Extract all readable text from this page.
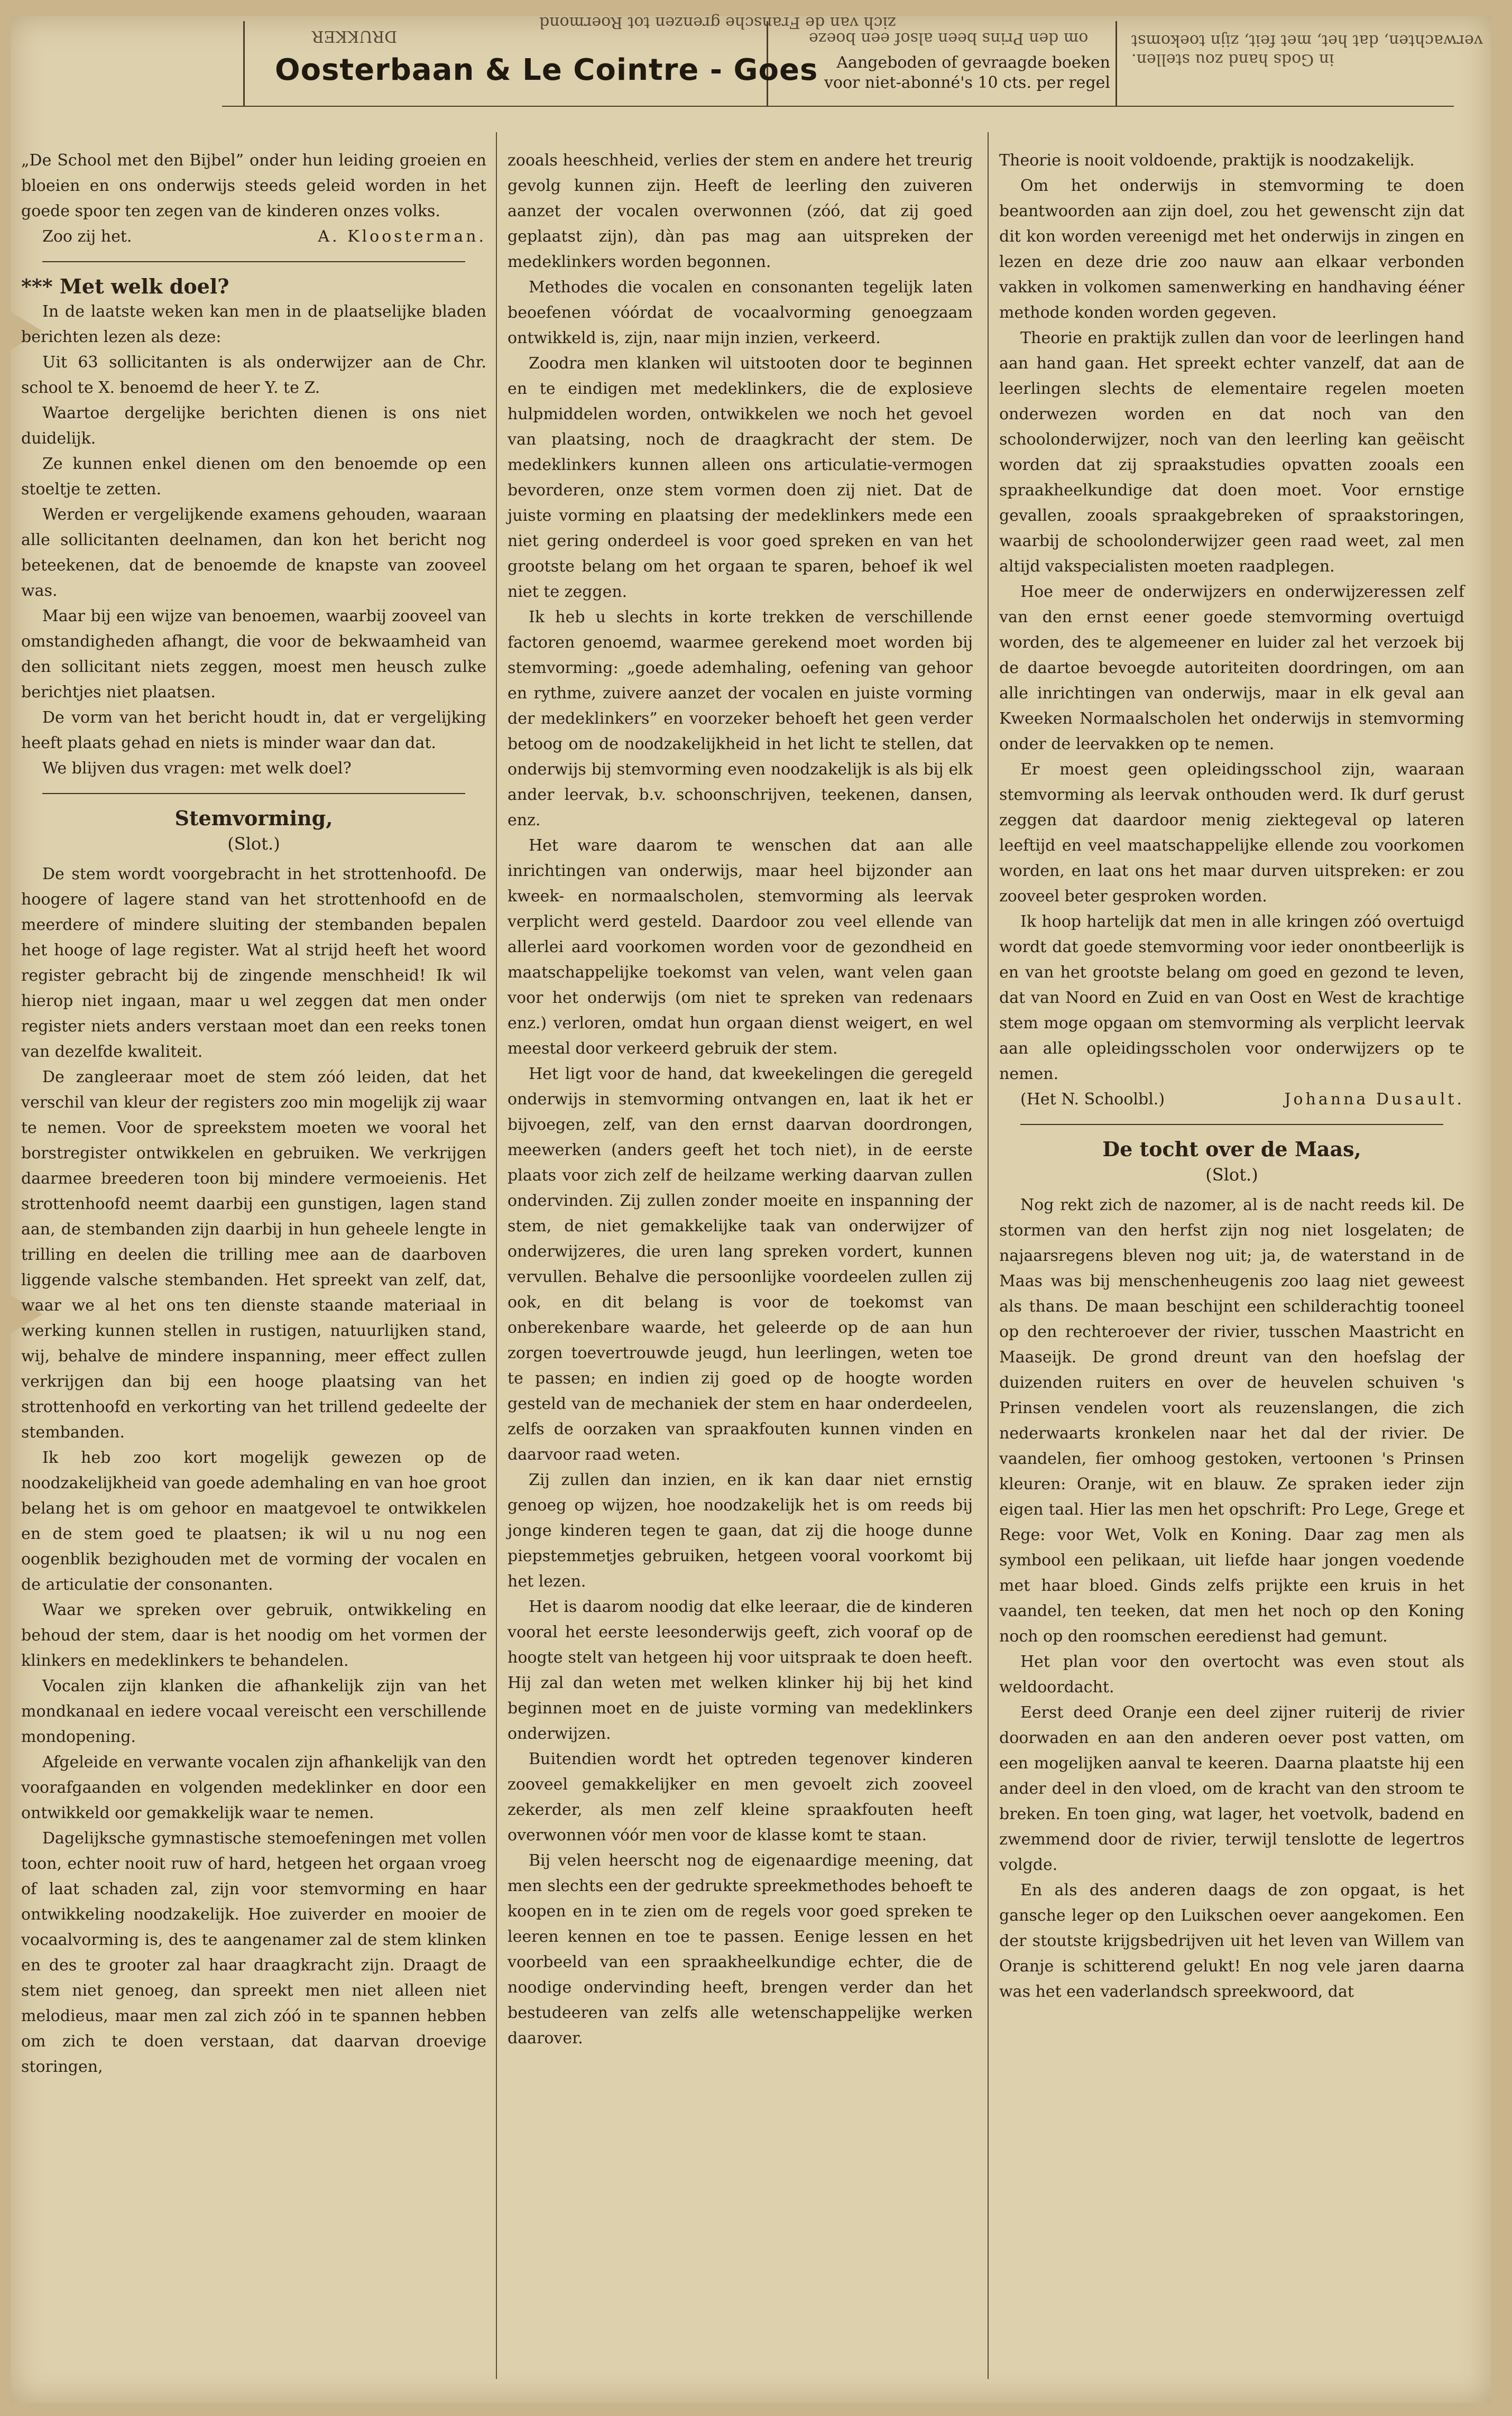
DRUKKER
zich van de Fransche grenzen tot Roermond
om den Prins been alsof een boeze
in Gods hand zou stellen.
verwachten, dat het, met feit, zijn toekomst
Oosterbaan & Le Cointre - Goes	Aangeboden of gevraagde boeken
voor niet-abonné's 10 cts. per regel

„De School met den Bijbel” onder hun leiding groeien en bloeien en ons onderwijs steeds geleid worden in het goede spoor ten zegen van de kinderen onzes volks.

Zoo zij het.	A. Kloosterman.
*** Met welk doel?

In de laatste weken kan men in de plaatselijke bladen berichten lezen als deze:

Uit 63 sollicitanten is als onderwijzer aan de Chr. school te X. benoemd de heer Y. te Z.

Waartoe dergelijke berichten dienen is ons niet duidelijk.

Ze kunnen enkel dienen om den benoemde op een stoeltje te zetten.

Werden er vergelijkende examens gehouden, waaraan alle sollicitanten deelnamen, dan kon het bericht nog beteekenen, dat de benoemde de knapste van zooveel was.

Maar bij een wijze van benoemen, waarbij zooveel van omstandigheden afhangt, die voor de bekwaamheid van den sollicitant niets zeggen, moest men heusch zulke berichtjes niet plaatsen.

De vorm van het bericht houdt in, dat er vergelijking heeft plaats gehad en niets is minder waar dan dat.

We blijven dus vragen: met welk doel?

Stemvorming,
(Slot.)

De stem wordt voorgebracht in het strottenhoofd. De hoogere of lagere stand van het strottenhoofd en de meerdere of mindere sluiting der stembanden bepalen het hooge of lage register. Wat al strijd heeft het woord register gebracht bij de zingende menschheid! Ik wil hierop niet ingaan, maar u wel zeggen dat men onder register niets anders verstaan moet dan een reeks tonen van dezelfde kwaliteit.

De zangleeraar moet de stem zóó leiden, dat het verschil van kleur der registers zoo min mogelijk zij waar te nemen. Voor de spreekstem moeten we vooral het borstregister ontwikkelen en gebruiken. We verkrijgen daarmee breederen toon bij mindere vermoeienis. Het strottenhoofd neemt daarbij een gunstigen, lagen stand aan, de stembanden zijn daarbij in hun geheele lengte in trilling en deelen die trilling mee aan de daarboven liggende valsche stembanden. Het spreekt van zelf, dat, waar we al het ons ten dienste staande materiaal in werking kunnen stellen in rustigen, natuurlijken stand, wij, behalve de mindere inspanning, meer effect zullen verkrijgen dan bij een hooge plaatsing van het strottenhoofd en verkorting van het trillend gedeelte der stembanden.

Ik heb zoo kort mogelijk gewezen op de noodzakelijkheid van goede ademhaling en van hoe groot belang het is om gehoor en maatgevoel te ontwikkelen en de stem goed te plaatsen; ik wil u nu nog een oogenblik bezighouden met de vorming der vocalen en de articulatie der consonanten.

Waar we spreken over gebruik, ontwikkeling en behoud der stem, daar is het noodig om het vormen der klinkers en medeklinkers te behandelen.

Vocalen zijn klanken die afhankelijk zijn van het mondkanaal en iedere vocaal vereischt een verschillende mondopening.

Afgeleide en verwante vocalen zijn afhankelijk van den voorafgaanden en volgenden medeklinker en door een ontwikkeld oor gemakkelijk waar te nemen.

Dagelijksche gymnastische stemoefeningen met vollen toon, echter nooit ruw of hard, hetgeen het orgaan vroeg of laat schaden zal, zijn voor stemvorming en haar ontwikkeling noodzakelijk. Hoe zuiverder en mooier de vocaalvorming is, des te aangenamer zal de stem klinken en des te grooter zal haar draagkracht zijn. Draagt de stem niet genoeg, dan spreekt men niet alleen niet melodieus, maar men zal zich zóó in te spannen hebben om zich te doen verstaan, dat daarvan droevige storingen,

zooals heeschheid, verlies der stem en andere het treurig gevolg kunnen zijn. Heeft de leerling den zuiveren aanzet der vocalen overwonnen (zóó, dat zij goed geplaatst zijn), dàn pas mag aan uitspreken der medeklinkers worden begonnen.

Methodes die vocalen en consonanten tegelijk laten beoefenen vóórdat de vocaalvorming genoegzaam ontwikkeld is, zijn, naar mijn inzien, verkeerd.

Zoodra men klanken wil uitstooten door te beginnen en te eindigen met medeklinkers, die de explosieve hulpmiddelen worden, ontwikkelen we noch het gevoel van plaatsing, noch de draagkracht der stem. De medeklinkers kunnen alleen ons articulatie-vermogen bevorderen, onze stem vormen doen zij niet. Dat de juiste vorming en plaatsing der medeklinkers mede een niet gering onderdeel is voor goed spreken en van het grootste belang om het orgaan te sparen, behoef ik wel niet te zeggen.

Ik heb u slechts in korte trekken de verschillende factoren genoemd, waarmee gerekend moet worden bij stemvorming: „goede ademhaling, oefening van gehoor en rythme, zuivere aanzet der vocalen en juiste vorming der medeklinkers” en voorzeker behoeft het geen verder betoog om de noodzakelijkheid in het licht te stellen, dat onderwijs bij stemvorming even noodzakelijk is als bij elk ander leervak, b.v. schoonschrijven, teekenen, dansen, enz.

Het ware daarom te wenschen dat aan alle inrichtingen van onderwijs, maar heel bijzonder aan kweek- en normaalscholen, stemvorming als leervak verplicht werd gesteld. Daardoor zou veel ellende van allerlei aard voorkomen worden voor de gezondheid en maatschappelijke toekomst van velen, want velen gaan voor het onderwijs (om niet te spreken van redenaars enz.) verloren, omdat hun orgaan dienst weigert, en wel meestal door verkeerd gebruik der stem.

Het ligt voor de hand, dat kweekelingen die geregeld onderwijs in stemvorming ontvangen en, laat ik het er bijvoegen, zelf, van den ernst daarvan doordrongen, meewerken (anders geeft het toch niet), in de eerste plaats voor zich zelf de heilzame werking daarvan zullen ondervinden. Zij zullen zonder moeite en inspanning der stem, de niet gemakkelijke taak van onderwijzer of onderwijzeres, die uren lang spreken vordert, kunnen vervullen. Behalve die persoonlijke voordeelen zullen zij ook, en dit belang is voor de toekomst van onberekenbare waarde, het geleerde op de aan hun zorgen toevertrouwde jeugd, hun leerlingen, weten toe te passen; en indien zij goed op de hoogte worden gesteld van de mechaniek der stem en haar onderdeelen, zelfs de oorzaken van spraakfouten kunnen vinden en daarvoor raad weten.

Zij zullen dan inzien, en ik kan daar niet ernstig genoeg op wijzen, hoe noodzakelijk het is om reeds bij jonge kinderen tegen te gaan, dat zij die hooge dunne piepstemmetjes gebruiken, hetgeen vooral voorkomt bij het lezen.

Het is daarom noodig dat elke leeraar, die de kinderen vooral het eerste leesonderwijs geeft, zich vooraf op de hoogte stelt van hetgeen hij voor uitspraak te doen heeft. Hij zal dan weten met welken klinker hij bij het kind beginnen moet en de juiste vorming van medeklinkers onderwijzen.

Buitendien wordt het optreden tegenover kinderen zooveel gemakkelijker en men gevoelt zich zooveel zekerder, als men zelf kleine spraakfouten heeft overwonnen vóór men voor de klasse komt te staan.

Bij velen heerscht nog de eigenaardige meening, dat men slechts een der gedrukte spreekmethodes behoeft te koopen en in te zien om de regels voor goed spreken te leeren kennen en toe te passen. Eenige lessen en het voorbeeld van een spraakheelkundige echter, die de noodige ondervinding heeft, brengen verder dan het bestudeeren van zelfs alle wetenschappelijke werken daarover.

Theorie is nooit voldoende, praktijk is noodzakelijk.

Om het onderwijs in stemvorming te doen beantwoorden aan zijn doel, zou het gewenscht zijn dat dit kon worden vereenigd met het onderwijs in zingen en lezen en deze drie zoo nauw aan elkaar verbonden vakken in volkomen samenwerking en handhaving ééner methode konden worden gegeven.

Theorie en praktijk zullen dan voor de leerlingen hand aan hand gaan. Het spreekt echter vanzelf, dat aan de leerlingen slechts de elementaire regelen moeten onderwezen worden en dat noch van den schoolonderwijzer, noch van den leerling kan geëischt worden dat zij spraakstudies opvatten zooals een spraakheelkundige dat doen moet. Voor ernstige gevallen, zooals spraakgebreken of spraakstoringen, waarbij de schoolonderwijzer geen raad weet, zal men altijd vakspecialisten moeten raadplegen.

Hoe meer de onderwijzers en onderwijzeressen zelf van den ernst eener goede stemvorming overtuigd worden, des te algemeener en luider zal het verzoek bij de daartoe bevoegde autoriteiten doordringen, om aan alle inrichtingen van onderwijs, maar in elk geval aan Kweeken Normaalscholen het onderwijs in stemvorming onder de leervakken op te nemen.

Er moest geen opleidingsschool zijn, waaraan stemvorming als leervak onthouden werd. Ik durf gerust zeggen dat daardoor menig ziektegeval op lateren leeftijd en veel maatschappelijke ellende zou voorkomen worden, en laat ons het maar durven uitspreken: er zou zooveel beter gesproken worden.

Ik hoop hartelijk dat men in alle kringen zóó overtuigd wordt dat goede stemvorming voor ieder onontbeerlijk is en van het grootste belang om goed en gezond te leven, dat van Noord en Zuid en van Oost en West de krachtige stem moge opgaan om stemvorming als verplicht leervak aan alle opleidingsscholen voor onderwijzers op te nemen.

(Het N. Schoolbl.)	Johanna Dusault.
De tocht over de Maas,
(Slot.)

Nog rekt zich de nazomer, al is de nacht reeds kil. De stormen van den herfst zijn nog niet losgelaten; de najaarsregens bleven nog uit; ja, de waterstand in de Maas was bij menschenheugenis zoo laag niet geweest als thans. De maan beschijnt een schilderachtig tooneel op den rechteroever der rivier, tusschen Maastricht en Maaseijk. De grond dreunt van den hoefslag der duizenden ruiters en over de heuvelen schuiven 's Prinsen vendelen voort als reuzenslangen, die zich nederwaarts kronkelen naar het dal der rivier. De vaandelen, fier omhoog gestoken, vertoonen 's Prinsen kleuren: Oranje, wit en blauw. Ze spraken ieder zijn eigen taal. Hier las men het opschrift: Pro Lege, Grege et Rege: voor Wet, Volk en Koning. Daar zag men als symbool een pelikaan, uit liefde haar jongen voedende met haar bloed. Ginds zelfs prijkte een kruis in het vaandel, ten teeken, dat men het noch op den Koning noch op den roomschen eeredienst had gemunt.

Het plan voor den overtocht was even stout als weldoordacht.

Eerst deed Oranje een deel zijner ruiterij de rivier doorwaden en aan den anderen oever post vatten, om een mogelijken aanval te keeren. Daarna plaatste hij een ander deel in den vloed, om de kracht van den stroom te breken. En toen ging, wat lager, het voetvolk, badend en zwemmend door de rivier, terwijl tenslotte de legertros volgde.

En als des anderen daags de zon opgaat, is het gansche leger op den Luikschen oever aangekomen. Een der stoutste krijgsbedrijven uit het leven van Willem van Oranje is schitterend gelukt! En nog vele jaren daarna was het een vaderlandsch spreekwoord, dat
